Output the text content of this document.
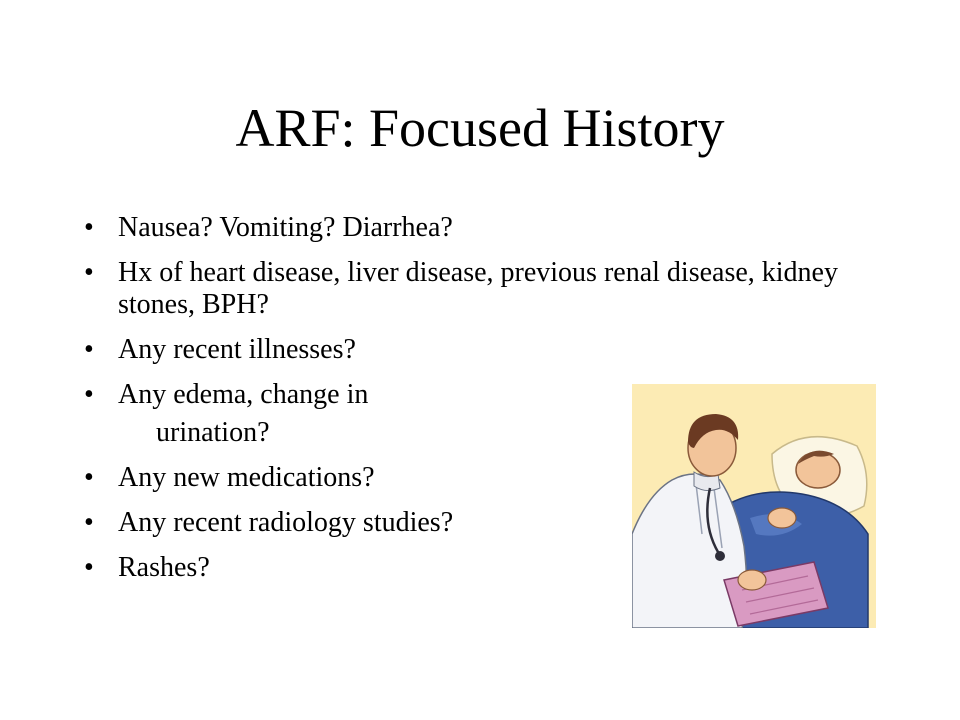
ARF: Focused History
• Nausea? Vomiting? Diarrhea?
• Hx of heart disease, liver disease, previous renal disease, kidney stones, BPH?
• Any recent illnesses?
• Any edema, change in
urination?
• Any new medications?
• Any recent radiology studies?
• Rashes?
